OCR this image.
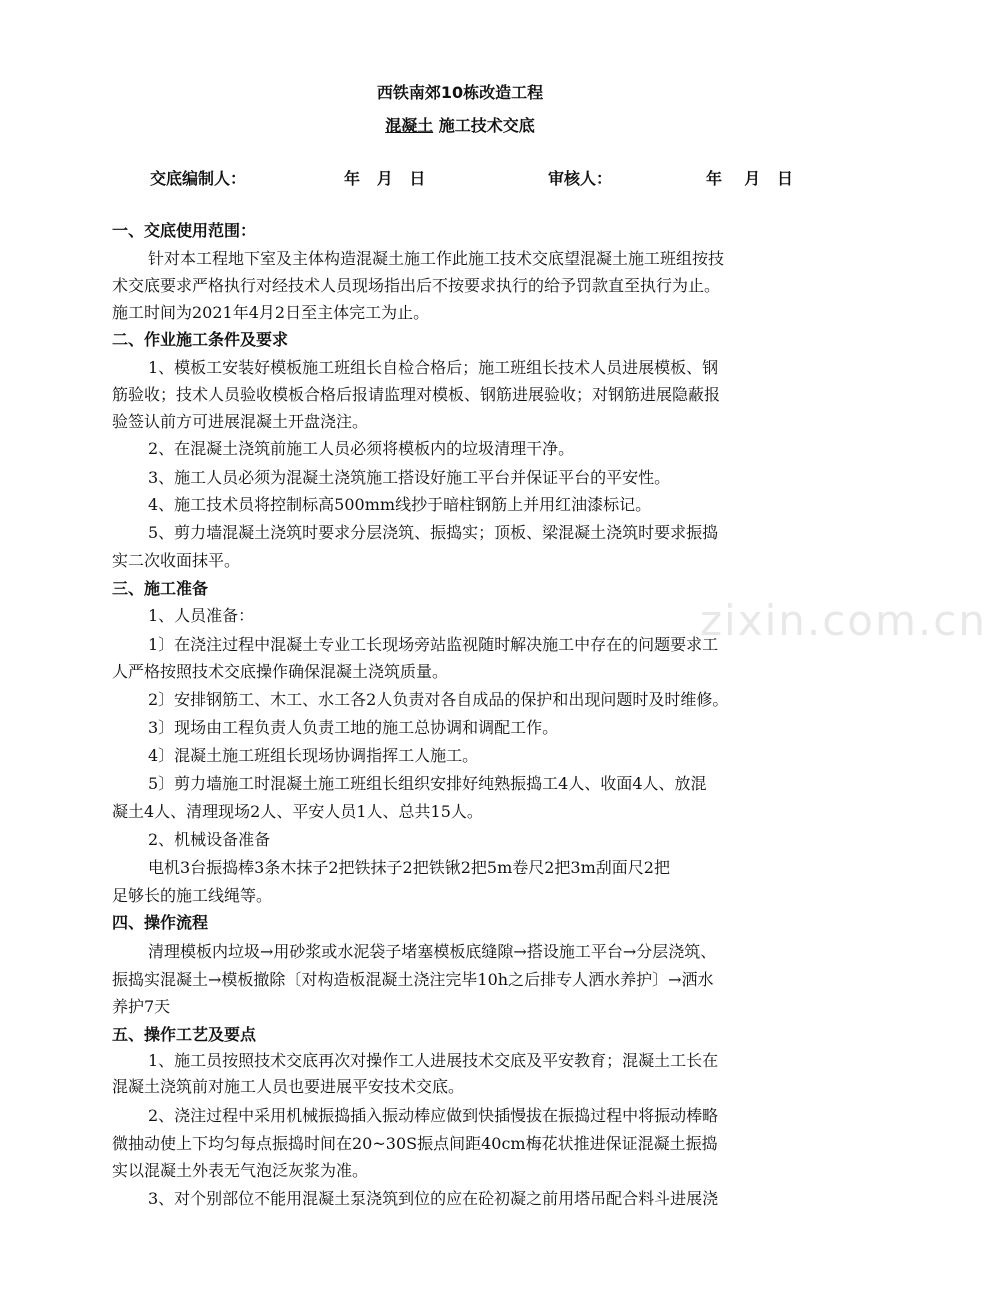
西铁南郊10栋改造工程
混凝土 施工技术交底
交底编制人：	年   月   日	审核人：	年    月   日
zixin.com.cn
一、交底使用范围：
针对本工程地下室及主体构造混凝土施工作此施工技术交底望混凝土施工班组按技
术交底要求严格执行对经技术人员现场指出后不按要求执行的给予罚款直至执行为止。
施工时间为2021年4月2日至主体完工为止。
二、作业施工条件及要求
1、模板工安装好模板施工班组长自检合格后；施工班组长技术人员进展模板、钢
筋验收；技术人员验收模板合格后报请监理对模板、钢筋进展验收；对钢筋进展隐蔽报
验签认前方可进展混凝土开盘浇注。
2、在混凝土浇筑前施工人员必须将模板内的垃圾清理干净。
3、施工人员必须为混凝土浇筑施工搭设好施工平台并保证平台的平安性。
4、施工技术员将控制标高500mm线抄于暗柱钢筋上并用红油漆标记。
5、剪力墙混凝土浇筑时要求分层浇筑、振捣实；顶板、梁混凝土浇筑时要求振捣
实二次收面抹平。
三、施工准备
1、人员准备：
1〕在浇注过程中混凝土专业工长现场旁站监视随时解决施工中存在的问题要求工
人严格按照技术交底操作确保混凝土浇筑质量。
2〕安排钢筋工、木工、水工各2人负责对各自成品的保护和出现问题时及时维修。
3〕现场由工程负责人负责工地的施工总协调和调配工作。
4〕混凝土施工班组长现场协调指挥工人施工。
5〕剪力墙施工时混凝土施工班组长组织安排好纯熟振捣工4人、收面4人、放混
凝土4人、清理现场2人、平安人员1人、总共15人。
2、机械设备准备
电机3台振捣棒3条木抹子2把铁抹子2把铁锹2把5m卷尺2把3m刮面尺2把
足够长的施工线绳等。
四、操作流程
清理模板内垃圾→用砂浆或水泥袋子堵塞模板底缝隙→搭设施工平台→分层浇筑、
振捣实混凝土→模板撤除〔对构造板混凝土浇注完毕10h之后排专人洒水养护〕→洒水
养护7天
五、操作工艺及要点
1、施工员按照技术交底再次对操作工人进展技术交底及平安教育；混凝土工长在
混凝土浇筑前对施工人员也要进展平安技术交底。
2、浇注过程中采用机械振捣插入振动棒应做到快插慢拔在振捣过程中将振动棒略
微抽动使上下均匀每点振捣时间在20~30S振点间距40cm梅花状推进保证混凝土振捣
实以混凝土外表无气泡泛灰浆为准。
3、对个别部位不能用混凝土泵浇筑到位的应在砼初凝之前用塔吊配合料斗进展浇
